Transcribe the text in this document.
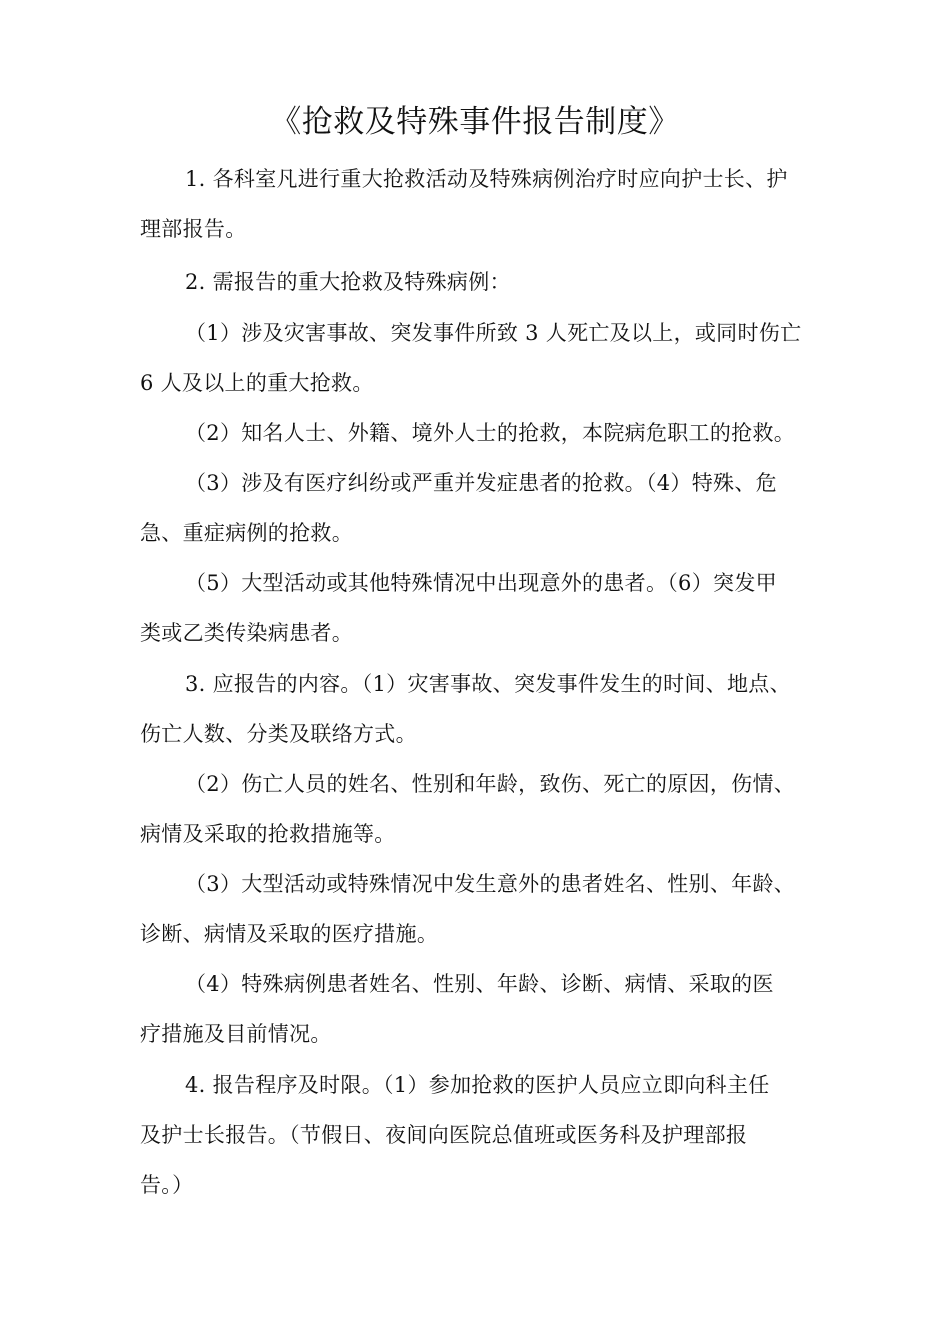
《抢救及特殊事件报告制度》
1. 各科室凡进行重大抢救活动及特殊病例治疗时应向护士长、护
理部报告。
2. 需报告的重大抢救及特殊病例：
（1）涉及灾害事故、突发事件所致 3 人死亡及以上，或同时伤亡
6 人及以上的重大抢救。
（2）知名人士、外籍、境外人士的抢救，本院病危职工的抢救。
（3）涉及有医疗纠纷或严重并发症患者的抢救。（4）特殊、危
急、重症病例的抢救。
（5）大型活动或其他特殊情况中出现意外的患者。（6）突发甲
类或乙类传染病患者。
3. 应报告的内容。（1）灾害事故、突发事件发生的时间、地点、
伤亡人数、分类及联络方式。
（2）伤亡人员的姓名、性别和年龄，致伤、死亡的原因，伤情、
病情及采取的抢救措施等。
（3）大型活动或特殊情况中发生意外的患者姓名、性别、年龄、
诊断、病情及采取的医疗措施。
（4）特殊病例患者姓名、性别、年龄、诊断、病情、采取的医
疗措施及目前情况。
4. 报告程序及时限。（1）参加抢救的医护人员应立即向科主任
及护士长报告。（节假日、夜间向医院总值班或医务科及护理部报
告。）
